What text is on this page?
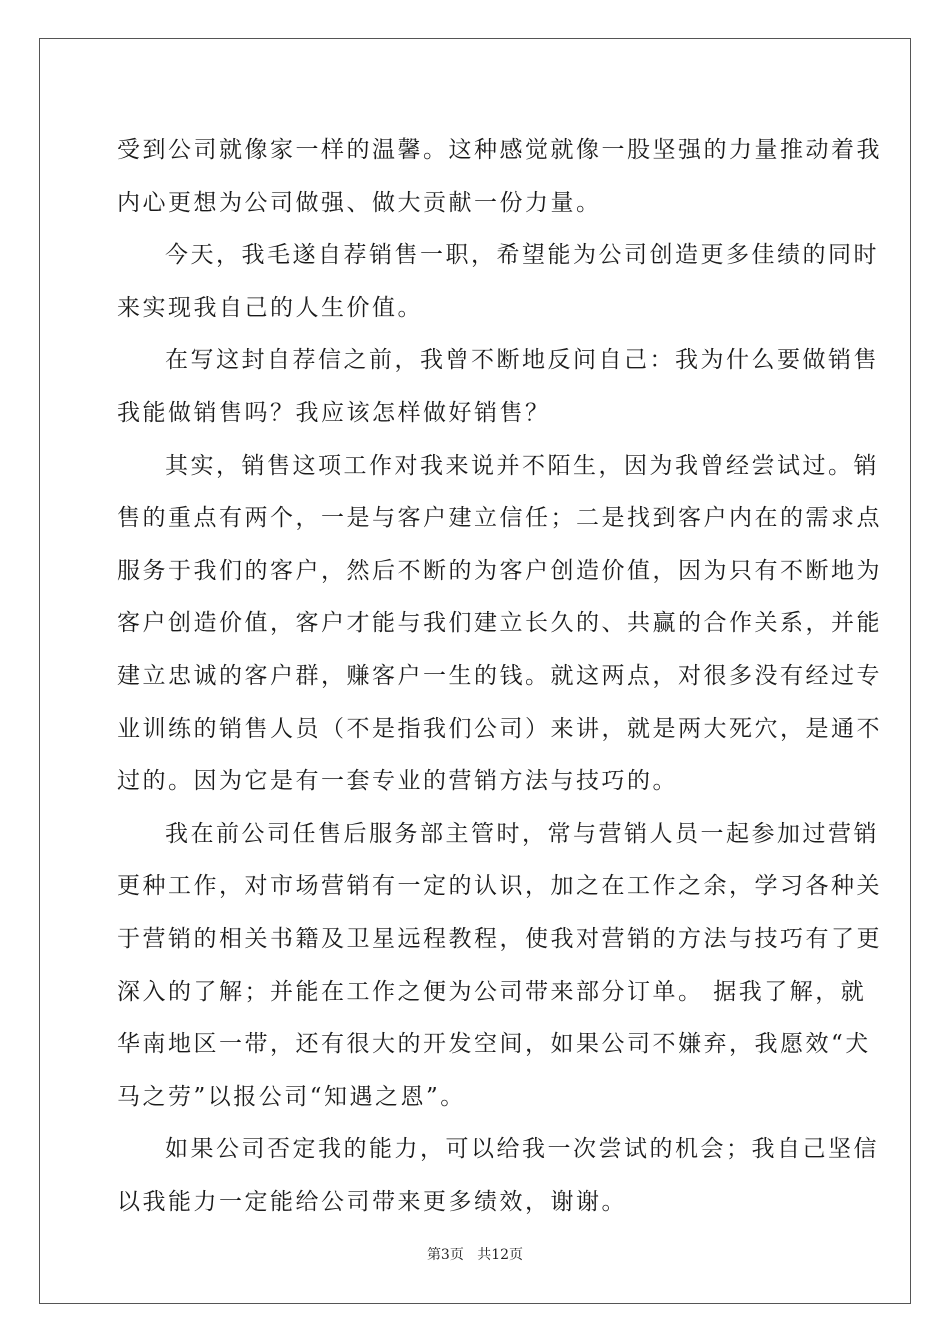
受到公司就像家一样的温馨。这种感觉就像一股坚强的力量推动着我
内心更想为公司做强、做大贡献一份力量。
今天，我毛遂自荐销售一职，希望能为公司创造更多佳绩的同时
来实现我自己的人生价值。
在写这封自荐信之前，我曾不断地反问自己：我为什么要做销售
我能做销售吗？我应该怎样做好销售？
其实，销售这项工作对我来说并不陌生，因为我曾经尝试过。销
售的重点有两个，一是与客户建立信任；二是找到客户内在的需求点
服务于我们的客户，然后不断的为客户创造价值，因为只有不断地为
客户创造价值，客户才能与我们建立长久的、共赢的合作关系，并能
建立忠诚的客户群，赚客户一生的钱。就这两点，对很多没有经过专
业训练的销售人员（不是指我们公司）来讲，就是两大死穴，是通不
过的。因为它是有一套专业的营销方法与技巧的。
我在前公司任售后服务部主管时，常与营销人员一起参加过营销
更种工作，对市场营销有一定的认识，加之在工作之余，学习各种关
于营销的相关书籍及卫星远程教程，使我对营销的方法与技巧有了更
深入的了解；并能在工作之便为公司带来部分订单。 据我了解，就
华南地区一带，还有很大的开发空间，如果公司不嫌弃，我愿效“犬
马之劳”以报公司“知遇之恩”。
如果公司否定我的能力，可以给我一次尝试的机会；我自己坚信
以我能力一定能给公司带来更多绩效，谢谢。
第3页 共12页
